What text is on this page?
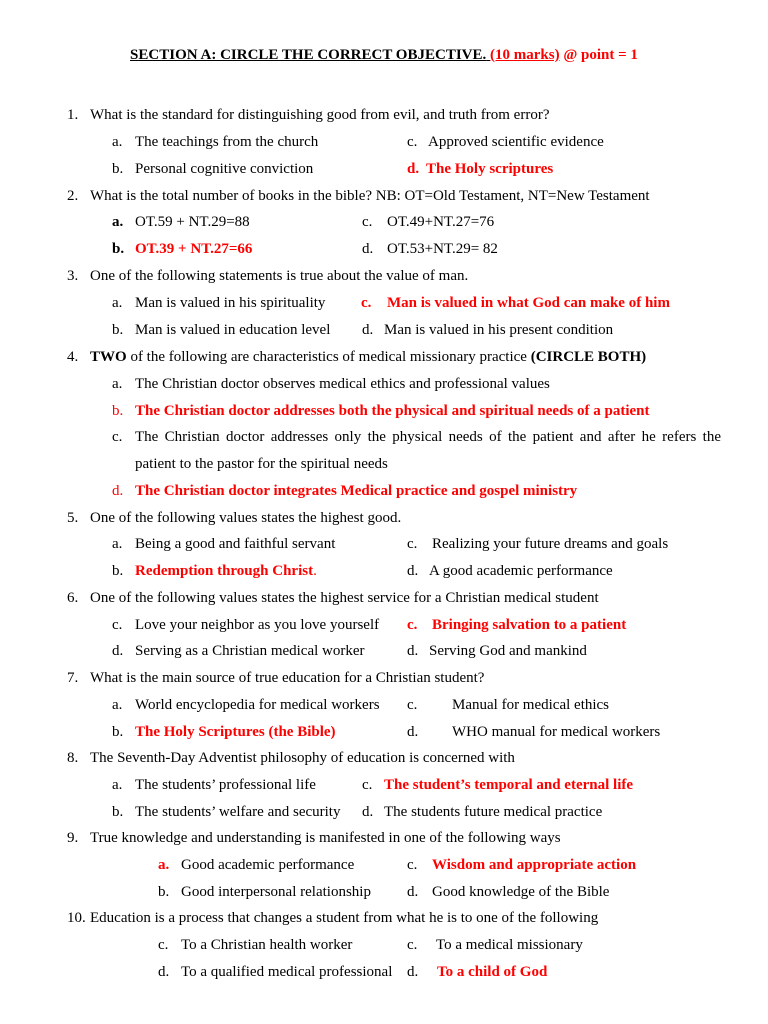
SECTION A: CIRCLE THE CORRECT OBJECTIVE. (10 marks) @ point = 1
1. What is the standard for distinguishing good from evil, and truth from error?
a. The teachings from the church	c. Approved scientific evidence
b. Personal cognitive conviction	d. The Holy scriptures
2. What is the total number of books in the bible? NB: OT=Old Testament, NT=New Testament
a. OT.59 + NT.29=88	c. OT.49+NT.27=76
b. OT.39 + NT.27=66	d. OT.53+NT.29= 82
3. One of the following statements is true about the value of man.
a. Man is valued in his spirituality c. Man is valued in what God can make of him
b. Man is valued in education level d. Man is valued in his present condition
4. TWO of the following are characteristics of medical missionary practice (CIRCLE BOTH)
a. The Christian doctor observes medical ethics and professional values
b. The Christian doctor addresses both the physical and spiritual needs of a patient
c. The Christian doctor addresses only the physical needs of the patient and after he refers the
patient to the pastor for the spiritual needs
d. The Christian doctor integrates Medical practice and gospel ministry
5. One of the following values states the highest good.
a. Being a good and faithful servant	c. Realizing your future dreams and goals
b. Redemption through Christ.	d. A good academic performance
6. One of the following values states the highest service for a Christian medical student
c. Love your neighbor as you love yourself c. Bringing salvation to a patient
d. Serving as a Christian medical worker	d. Serving God and mankind
7. What is the main source of true education for a Christian student?
a. World encyclopedia for medical workers c. Manual for medical ethics
b. The Holy Scriptures (the Bible)	d. WHO manual for medical workers
8. The Seventh-Day Adventist philosophy of education is concerned with
a. The students’ professional life	c. The student’s temporal and eternal life
b. The students’ welfare and security d. The students future medical practice
9. True knowledge and understanding is manifested in one of the following ways
a. Good academic performance	c. Wisdom and appropriate action
b. Good interpersonal relationship d. Good knowledge of the Bible
10. Education is a process that changes a student from what he is to one of the following
c. To a Christian health worker	c. To a medical missionary
d. To a qualified medical professional d. To a child of God
